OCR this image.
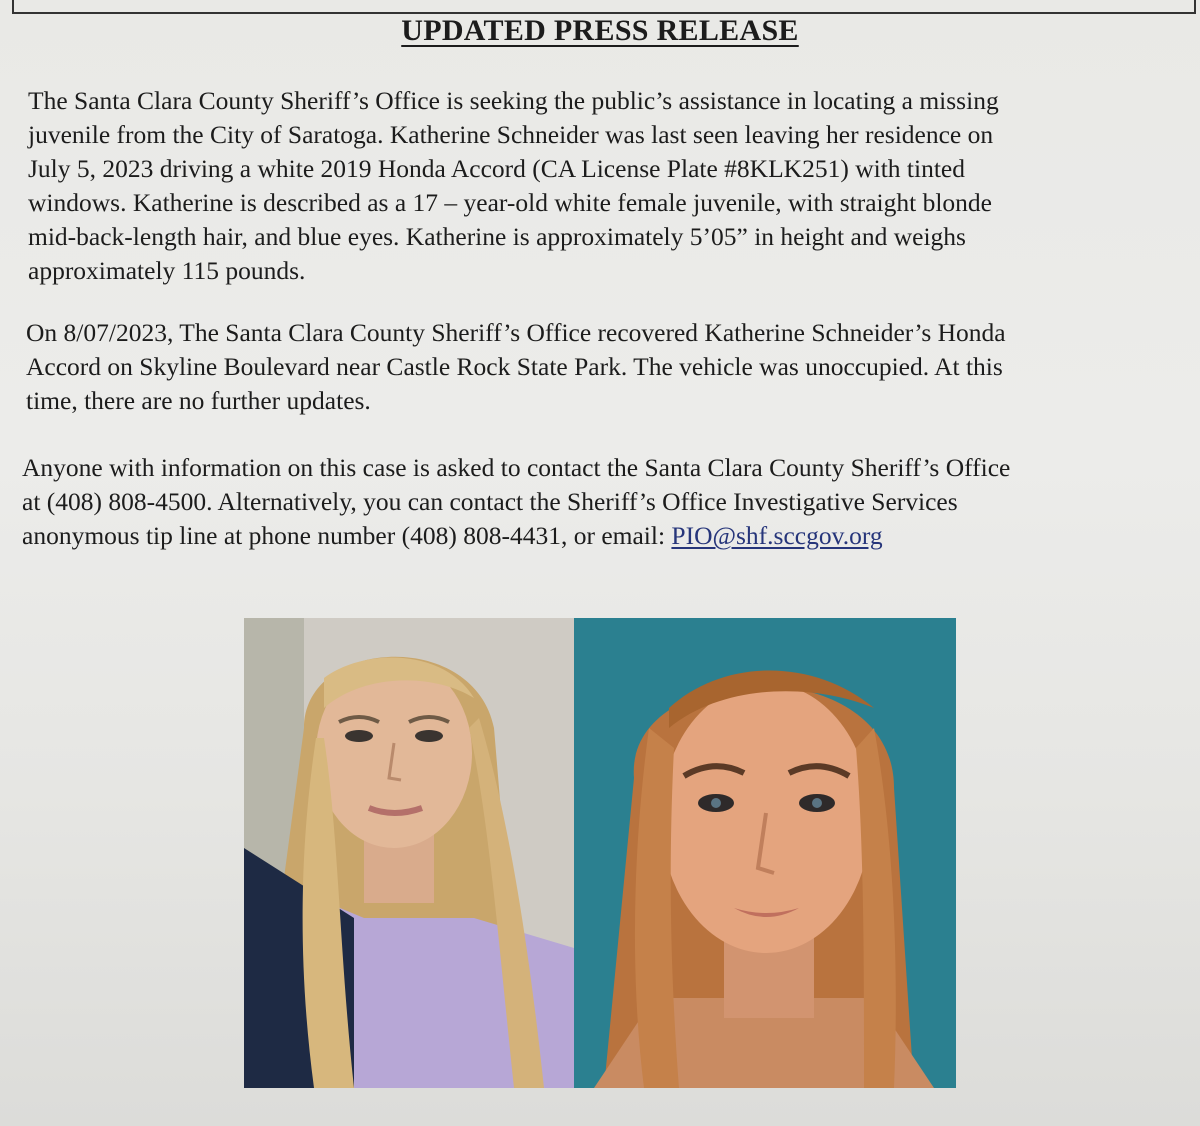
UPDATED PRESS RELEASE

The Santa Clara County Sheriff’s Office is seeking the public’s assistance in locating a missing
juvenile from the City of Saratoga. Katherine Schneider was last seen leaving her residence on
July 5, 2023 driving a white 2019 Honda Accord (CA License Plate #8KLK251) with tinted
windows. Katherine is described as a 17 – year-old white female juvenile, with straight blonde
mid-back-length hair, and blue eyes. Katherine is approximately 5’05” in height and weighs
approximately 115 pounds.

On 8/07/2023, The Santa Clara County Sheriff’s Office recovered Katherine Schneider’s Honda
Accord on Skyline Boulevard near Castle Rock State Park. The vehicle was unoccupied. At this
time, there are no further updates.

Anyone with information on this case is asked to contact the Santa Clara County Sheriff’s Office
at (408) 808-4500. Alternatively, you can contact the Sheriff’s Office Investigative Services
anonymous tip line at phone number (408) 808-4431, or email: PIO@shf.sccgov.org
